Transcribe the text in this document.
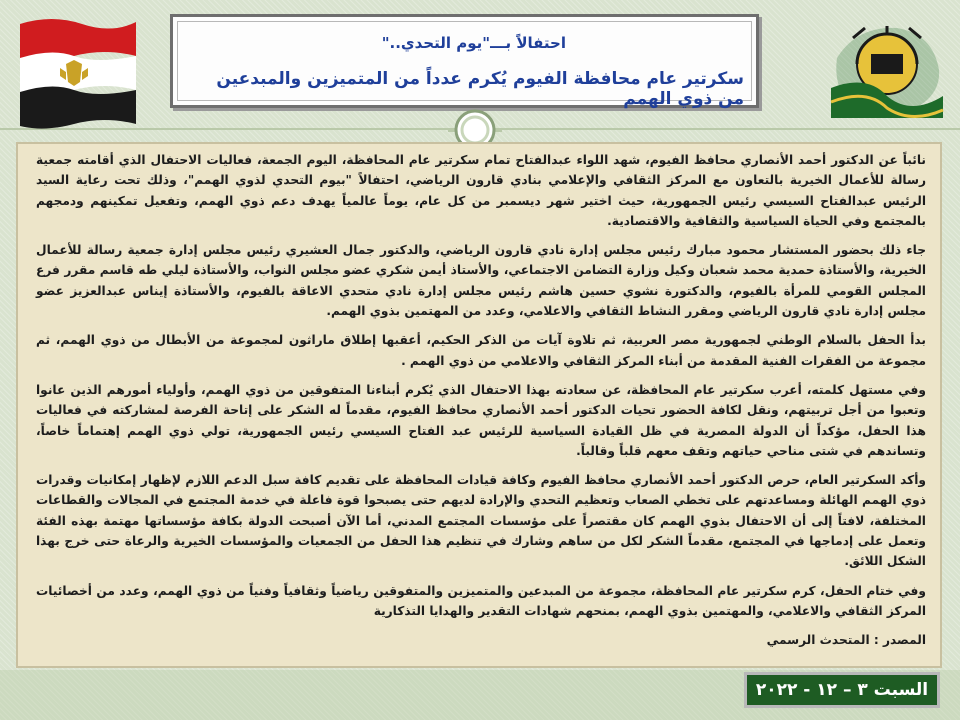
احتفالاً بـــ"يوم التحدي.."
سكرتير عام محافظة الفيوم يُكرم عدداً من المتميزين والمبدعين من ذوي الهمم

نائباً عن الدكتور أحمد الأنصاري محافظ الفيوم، شهد اللواء عبدالفتاح تمام سكرتير عام المحافظة، اليوم الجمعة، فعاليات الاحتفال الذي أقامته جمعية رسالة للأعمال الخيرية بالتعاون مع المركز الثقافي والإعلامي بنادي قارون الرياضي، احتفالاً "بيوم التحدي لذوي الهمم"، وذلك تحت رعاية السيد الرئيس عبدالفتاح السيسي رئيس الجمهورية، حيث اختير شهر ديسمبر من كل عام، يوماً عالمياً يهدف دعم ذوي الهمم، وتفعيل تمكينهم ودمجهم بالمجتمع وفي الحياة السياسية والثقافية والاقتصادية.

جاء ذلك بحضور المستشار محمود مبارك رئيس مجلس إدارة نادي قارون الرياضي، والدكتور جمال العشيري رئيس مجلس إدارة جمعية رسالة للأعمال الخيرية، والأستاذة حمدية محمد شعبان وكيل وزارة التضامن الاجتماعي، والأستاذ أيمن شكري عضو مجلس النواب، والأستاذة ليلي طه قاسم مقرر فرع المجلس القومي للمرأة بالفيوم، والدكتورة نشوي حسين هاشم رئيس مجلس إدارة نادي متحدي الاعاقة بالفيوم، والأستاذة إيناس عبدالعزيز عضو مجلس إدارة نادي قارون الرياضي ومقرر النشاط الثقافي والاعلامي، وعدد من المهتمين بذوي الهمم.

بدأ الحفل بالسلام الوطني لجمهورية مصر العربية، ثم تلاوة آيات من الذكر الحكيم، أعقبها إطلاق ماراثون لمجموعة من الأبطال من ذوي الهمم، ثم مجموعة من الفقرات الفنية المقدمة من أبناء المركز الثقافي والاعلامي من ذوي الهمم .

وفي مستهل كلمته، أعرب سكرتير عام المحافظة، عن سعادته بهذا الاحتفال الذي يُكرم أبناءنا المتفوقين من ذوي الهمم، وأولياء أمورهم الذين عانوا وتعبوا من أجل تربيتهم، ونقل لكافة الحضور تحيات الدكتور أحمد الأنصاري محافظ الفيوم، مقدماً له الشكر على إتاحة الفرصة لمشاركته في فعاليات هذا الحفل، مؤكداً أن الدولة المصرية في ظل القيادة السياسية للرئيس عبد الفتاح السيسي رئيس الجمهورية، تولي ذوي الهمم إهتماماً خاصاً، وتساندهم في شتى مناحي حياتهم وتقف معهم قلباً وقالباً.

وأكد السكرتير العام، حرص الدكتور أحمد الأنصاري محافظ الفيوم وكافة قيادات المحافظة على تقديم كافة سبل الدعم اللازم لإظهار إمكانيات وقدرات ذوي الهمم الهائلة ومساعدتهم على تخطي الصعاب وتعظيم التحدي والإرادة لديهم حتى يصبحوا قوة فاعلة في خدمة المجتمع في المجالات والقطاعات المختلفة، لافتاً إلى أن الاحتفال بذوي الهمم كان مقتصراً على مؤسسات المجتمع المدني، أما الآن أصبحت الدولة بكافة مؤسساتها مهتمة بهذه الفئة وتعمل على إدماجها في المجتمع، مقدماً الشكر لكل من ساهم وشارك في تنظيم هذا الحفل من الجمعيات والمؤسسات الخيرية والرعاة حتى خرج بهذا الشكل اللائق.

وفي ختام الحفل، كرم سكرتير عام المحافظة، مجموعة من المبدعين والمتميزين والمتفوقين رياضياً وثقافياً وفنياً من ذوي الهمم، وعدد من أخصائيات المركز الثقافي والاعلامي، والمهتمين بذوي الهمم، بمنحهم شهادات التقدير والهدايا التذكارية

المصدر : المتحدث الرسمي

السبت ٣ – ١٢ - ٢٠٢٢
